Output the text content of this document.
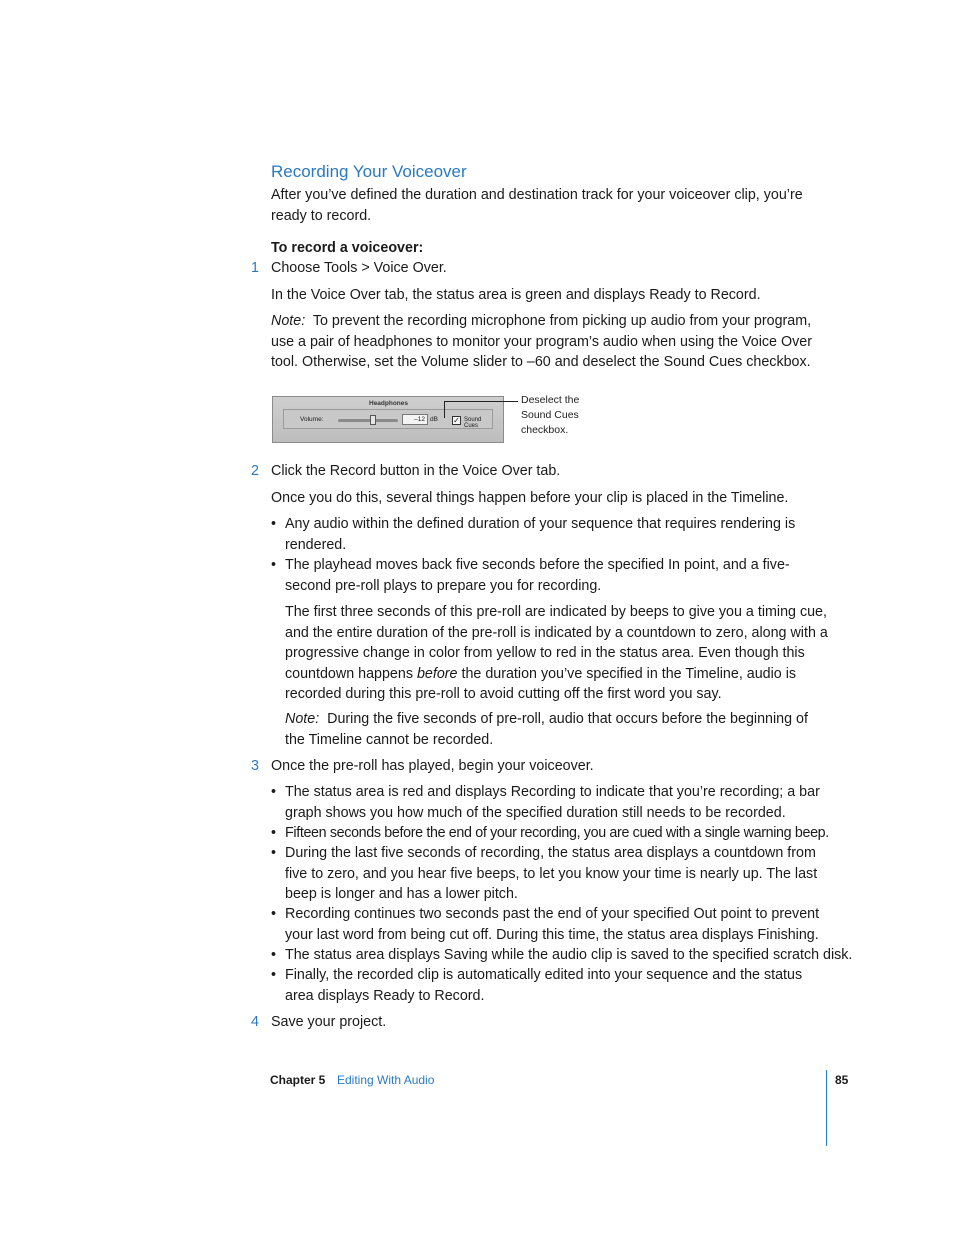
Recording Your Voiceover
After you’ve defined the duration and destination track for your voiceover clip, you’re ready to record.
To record a voiceover:
1 Choose Tools > Voice Over.
In the Voice Over tab, the status area is green and displays Ready to Record.
Note: To prevent the recording microphone from picking up audio from your program, use a pair of headphones to monitor your program’s audio when using the Voice Over tool. Otherwise, set the Volume slider to –60 and deselect the Sound Cues checkbox.
Headphones
Volume:	–12 dB ✓ Sound Cues
Deselect the
Sound Cues
checkbox.
2 Click the Record button in the Voice Over tab.
Once you do this, several things happen before your clip is placed in the Timeline.
• Any audio within the defined duration of your sequence that requires rendering is rendered.
• The playhead moves back five seconds before the specified In point, and a five-second pre-roll plays to prepare you for recording.
The first three seconds of this pre-roll are indicated by beeps to give you a timing cue, and the entire duration of the pre-roll is indicated by a countdown to zero, along with a progressive change in color from yellow to red in the status area. Even though this countdown happens before the duration you’ve specified in the Timeline, audio is recorded during this pre-roll to avoid cutting off the first word you say.
Note: During the five seconds of pre-roll, audio that occurs before the beginning of the Timeline cannot be recorded.
3 Once the pre-roll has played, begin your voiceover.
• The status area is red and displays Recording to indicate that you’re recording; a bar graph shows you how much of the specified duration still needs to be recorded.
• Fifteen seconds before the end of your recording, you are cued with a single warning beep.
• During the last five seconds of recording, the status area displays a countdown from five to zero, and you hear five beeps, to let you know your time is nearly up. The last beep is longer and has a lower pitch.
• Recording continues two seconds past the end of your specified Out point to prevent your last word from being cut off. During this time, the status area displays Finishing.
• The status area displays Saving while the audio clip is saved to the specified scratch disk.
• Finally, the recorded clip is automatically edited into your sequence and the status area displays Ready to Record.
4 Save your project.
Chapter 5 Editing With Audio	85
